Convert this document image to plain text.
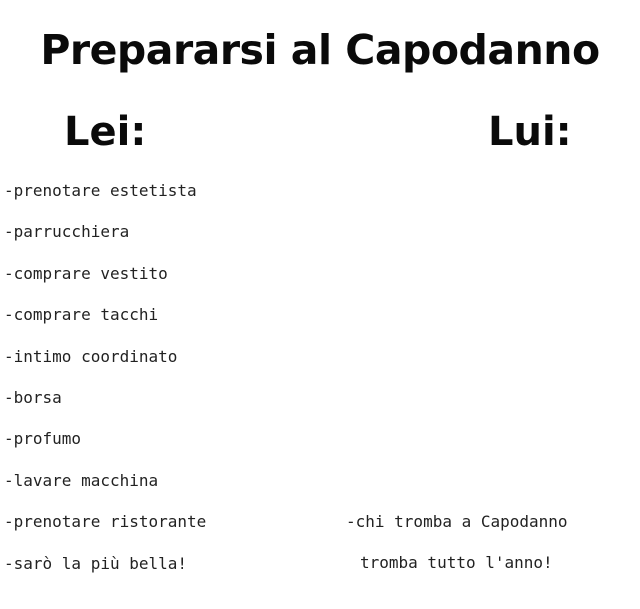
Prepararsi al Capodanno
Lei:	Lui:
-prenotare estetista
-parrucchiera
-comprare vestito
-comprare tacchi
-intimo coordinato
-borsa
-profumo
-lavare macchina
-prenotare ristorante
-sarò la più bella!
-chi tromba a Capodanno
tromba tutto l'anno!
